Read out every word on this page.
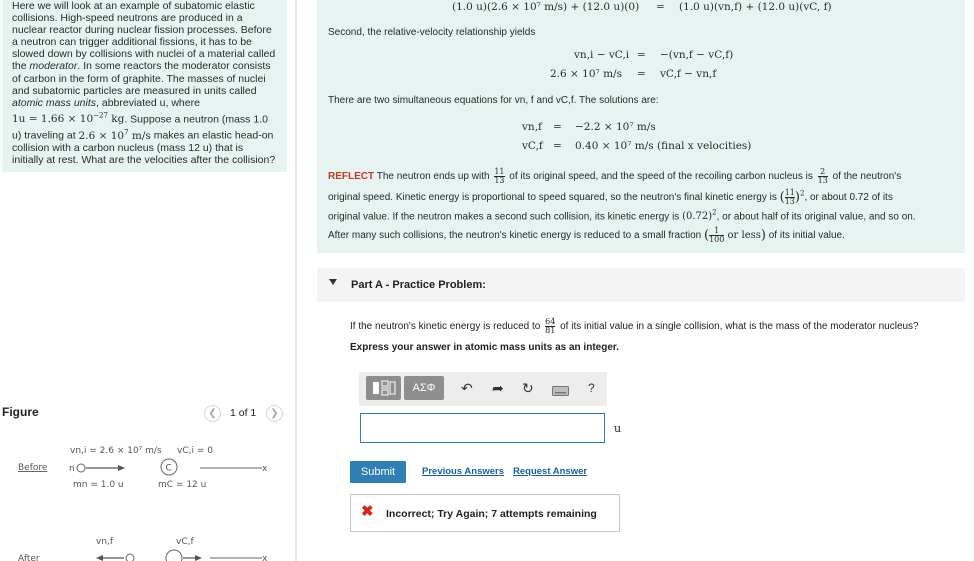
Here we will look at an example of subatomic elastic
collisions. High-speed neutrons are produced in a
nuclear reactor during nuclear fission processes. Before
a neutron can trigger additional fissions, it has to be
slowed down by collisions with nuclei of a material called
the moderator. In some reactors the moderator consists
of carbon in the form of graphite. The masses of nuclei
and subatomic particles are measured in units called
atomic mass units, abbreviated u, where
$1u = 1.66 \times 10^{-27}$ kg. Suppose a neutron (mass 1.0
u) traveling at $2.6 \times 10^7$ m/s makes an elastic head-on
collision with a carbon nucleus (mass 12 u) that is
initially at rest. What are the velocities after the collision?
Figure	❮	1 of 1	❯
Before
vn,i = 2.6 × 10⁷ m/s vC,i = 0
n	C	x
mn = 1.0 u	mC = 12 u
vn,f	vC,f
After	x
(1.0 u)(2.6 × 10⁷ m/s) + (12.0 u)(0) = (1.0 u)(vn,f) + (12.0 u)(vC, f)
Second, the relative-velocity relationship yields
vn,i − vC,i = −(vn,f − vC,f)
2.6 × 10⁷ m/s = vC,f − vn,f
There are two simultaneous equations for vn, f and vC,f. The solutions are:
vn,f = −2.2 × 10⁷ m/s
vC,f = 0.40 × 10⁷ m/s (final x velocities)
REFLECT The neutron ends up with $\frac{11}{13}$ of its original speed, and the speed of the recoiling carbon nucleus is $\frac{2}{13}$ of the neutron's
original speed. Kinetic energy is proportional to speed squared, so the neutron's final kinetic energy is ( $\frac{11}{13} )^2$, or about 0.72 of its
original value. If the neutron makes a second such collision, its kinetic energy is $(0.72)^2$, or about half of its original value, and so on.
After many such collisions, the neutron's kinetic energy is reduced to a small fraction ( $\frac{1}{100}$ or less) of its initial value.
Part A - Practice Problem:
If the neutron's kinetic energy is reduced to $\frac{64}{81}$ of its initial value in a single collision, what is the mass of the moderator nucleus?
Express your answer in atomic mass units as an integer.
ΑΣΦ	↶ ➦ ↻	?
u
Submit	Previous Answers Request Answer
✖ Incorrect; Try Again; 7 attempts remaining
